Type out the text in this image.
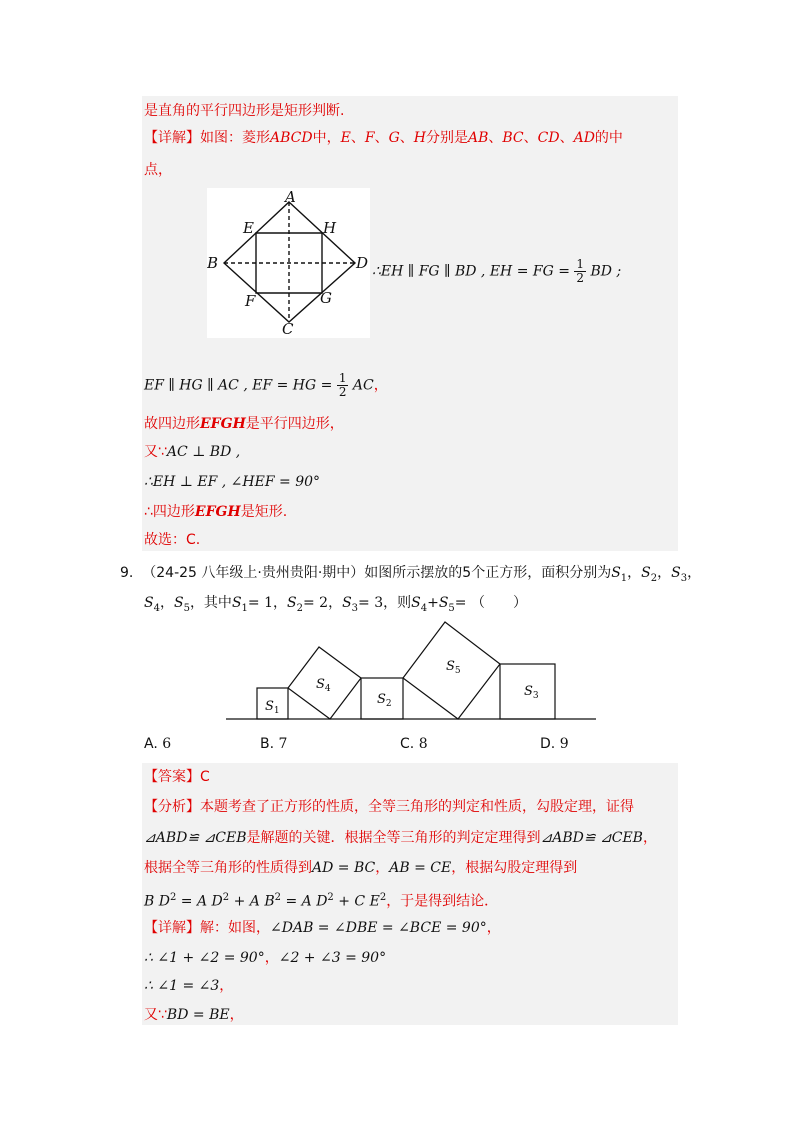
是直角的平行四边形是矩形判断.
【详解】如图：菱形ABCD中，E、F、G、H分别是AB、BC、CD、AD的中
点，
A
B
C
D
E	H
F	G
∴EH ∥ FG ∥ BD , EH = FG = $\frac{1}{2}$ BD ;
EF ∥ HG ∥ AC , EF = HG = $\frac{1}{2}$ AC，
故四边形EFGH是平行四边形，
又∵AC ⊥ BD ,
∴EH ⊥ EF , ∠HEF = 90°
∴四边形EFGH是矩形.
故选：C.
9. （24-25 八年级上·贵州贵阳·期中）如图所示摆放的5个正方形，面积分别为$S_1$，$S_2$，$S_3$，
$S_4$，$S_5$，其中$S_1= 1$，$S_2= 2$，$S_3= 3$，则$S_4+S_5=$ （　　）
$S_1$
$S_4$
$S_2$
$S_5$
$S_3$
A. 6	B. 7	C. 8	D. 9
【答案】C
【分析】本题考查了正方形的性质，全等三角形的判定和性质，勾股定理，证得
⊿ABD≌ ⊿CEB是解题的关键．根据全等三角形的判定定理得到⊿ABD≌ ⊿CEB，
根据全等三角形的性质得到AD = BC，AB = CE，根据勾股定理得到
B $D^2 = A$ $D^2 + A$ $B^2 = A$ $D^2 + C$ $E^2$，于是得到结论．
【详解】解：如图，∠DAB = ∠DBE = ∠BCE = 90°，
∴ ∠1 + ∠2 = 90°，∠2 + ∠3 = 90°
∴ ∠1 = ∠3，
又∵BD = BE，
